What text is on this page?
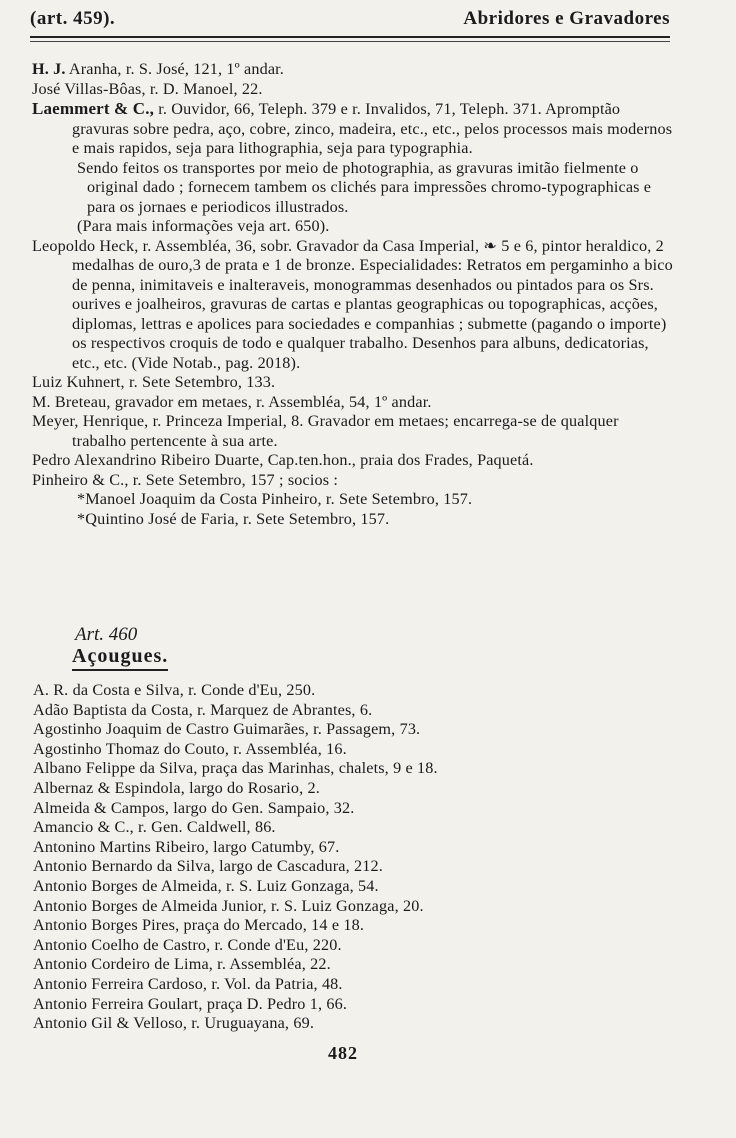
(art. 459).	Abridores e Gravadores

H. J. Aranha, r. S. José, 121, 1º andar.

José Villas-Bôas, r. D. Manoel, 22.

Laemmert & C., r. Ouvidor, 66, Teleph. 379 e r. Invalidos, 71, Teleph. 371. Apromptão gravuras sobre pedra, aço, cobre, zinco, madeira, etc., etc., pelos processos mais modernos e mais rapidos, seja para lithographia, seja para typographia.

Sendo feitos os transportes por meio de photographia, as gravuras imitão fielmente o original dado ; fornecem tambem os clichés para impressões chromo-typographicas e para os jornaes e periodicos illustrados.

(Para mais informações veja art. 650).

Leopoldo Heck, r. Assembléa, 36, sobr. Gravador da Casa Imperial, ❧ 5 e 6, pintor heraldico, 2 medalhas de ouro,3 de prata e 1 de bronze. Especialidades: Retratos em pergaminho a bico de penna, inimitaveis e inalteraveis, monogrammas desenhados ou pintados para os Srs. ourives e joalheiros, gravuras de cartas e plantas geographicas ou topographicas, acções, diplomas, lettras e apolices para sociedades e companhias ; submette (pagando o importe) os respectivos croquis de todo e qualquer trabalho. Desenhos para albuns, dedicatorias, etc., etc. (Vide Notab., pag. 2018).

Luiz Kuhnert, r. Sete Setembro, 133.

M. Breteau, gravador em metaes, r. Assembléa, 54, 1º andar.

Meyer, Henrique, r. Princeza Imperial, 8. Gravador em metaes; encarrega-se de qualquer trabalho pertencente à sua arte.

Pedro Alexandrino Ribeiro Duarte, Cap.ten.hon., praia dos Frades, Paquetá.

Pinheiro & C., r. Sete Setembro, 157 ; socios :

*Manoel Joaquim da Costa Pinheiro, r. Sete Setembro, 157.

*Quintino José de Faria, r. Sete Setembro, 157.

Art. 460
Açougues.

A. R. da Costa e Silva, r. Conde d'Eu, 250.

Adão Baptista da Costa, r. Marquez de Abrantes, 6.

Agostinho Joaquim de Castro Guimarães, r. Passagem, 73.

Agostinho Thomaz do Couto, r. Assembléa, 16.

Albano Felippe da Silva, praça das Marinhas, chalets, 9 e 18.

Albernaz & Espindola, largo do Rosario, 2.

Almeida & Campos, largo do Gen. Sampaio, 32.

Amancio & C., r. Gen. Caldwell, 86.

Antonino Martins Ribeiro, largo Catumby, 67.

Antonio Bernardo da Silva, largo de Cascadura, 212.

Antonio Borges de Almeida, r. S. Luiz Gonzaga, 54.

Antonio Borges de Almeida Junior, r. S. Luiz Gonzaga, 20.

Antonio Borges Pires, praça do Mercado, 14 e 18.

Antonio Coelho de Castro, r. Conde d'Eu, 220.

Antonio Cordeiro de Lima, r. Assembléa, 22.

Antonio Ferreira Cardoso, r. Vol. da Patria, 48.

Antonio Ferreira Goulart, praça D. Pedro 1, 66.

Antonio Gil & Velloso, r. Uruguayana, 69.

482
